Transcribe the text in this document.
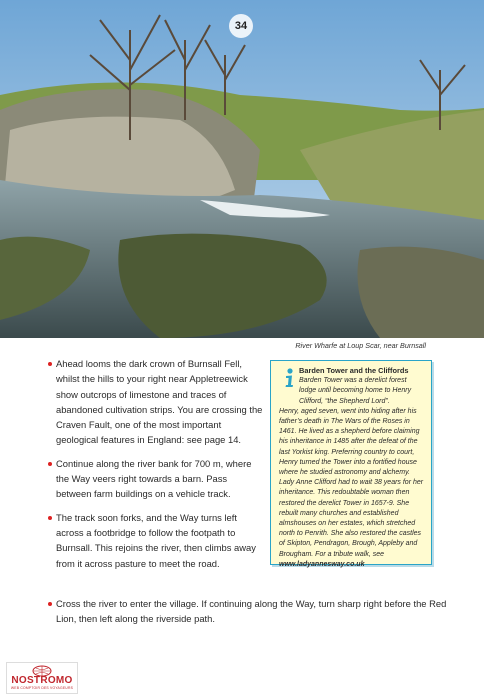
34
River Wharfe at Loup Scar, near Burnsall
Ahead looms the dark crown of Burnsall Fell, whilst the hills to your right near Appletreewick show outcrops of limestone and traces of abandoned cultivation strips. You are crossing the Craven Fault, one of the most important geological features in England: see page 14.
Continue along the river bank for 700 m, where the Way veers right towards a barn. Pass between farm buildings on a vehicle track.
The track soon forks, and the Way turns left across a footbridge to follow the footpath to Burnsall. This rejoins the river, then climbs away from it across pasture to meet the road.
Cross the river to enter the village. If continuing along the Way, turn sharp right before the Red Lion, then left along the riverside path.
Barden Tower and the Cliffords
Barden Tower was a derelict forest lodge until becoming home to Henry Clifford, “the Shepherd Lord”.
Henry, aged seven, went into hiding after his father’s death in The Wars of the Roses in 1461. He lived as a shepherd before claiming his inheritance in 1485 after the defeat of the last Yorkist king. Preferring country to court, Henry turned the Tower into a fortified house where he studied astronomy and alchemy. Lady Anne Clifford had to wait 38 years for her inheritance. This redoubtable woman then restored the derelict Tower in 1657-9. She rebuilt many churches and established almshouses on her estates, which stretched north to Penrith. She also restored the castles of Skipton, Pendragon, Brough, Appleby and Brougham. For a tribute walk, see www.ladyannesway.co.uk
NOSTROMO
WEB COMPTOIR DES VOYAGEURS
